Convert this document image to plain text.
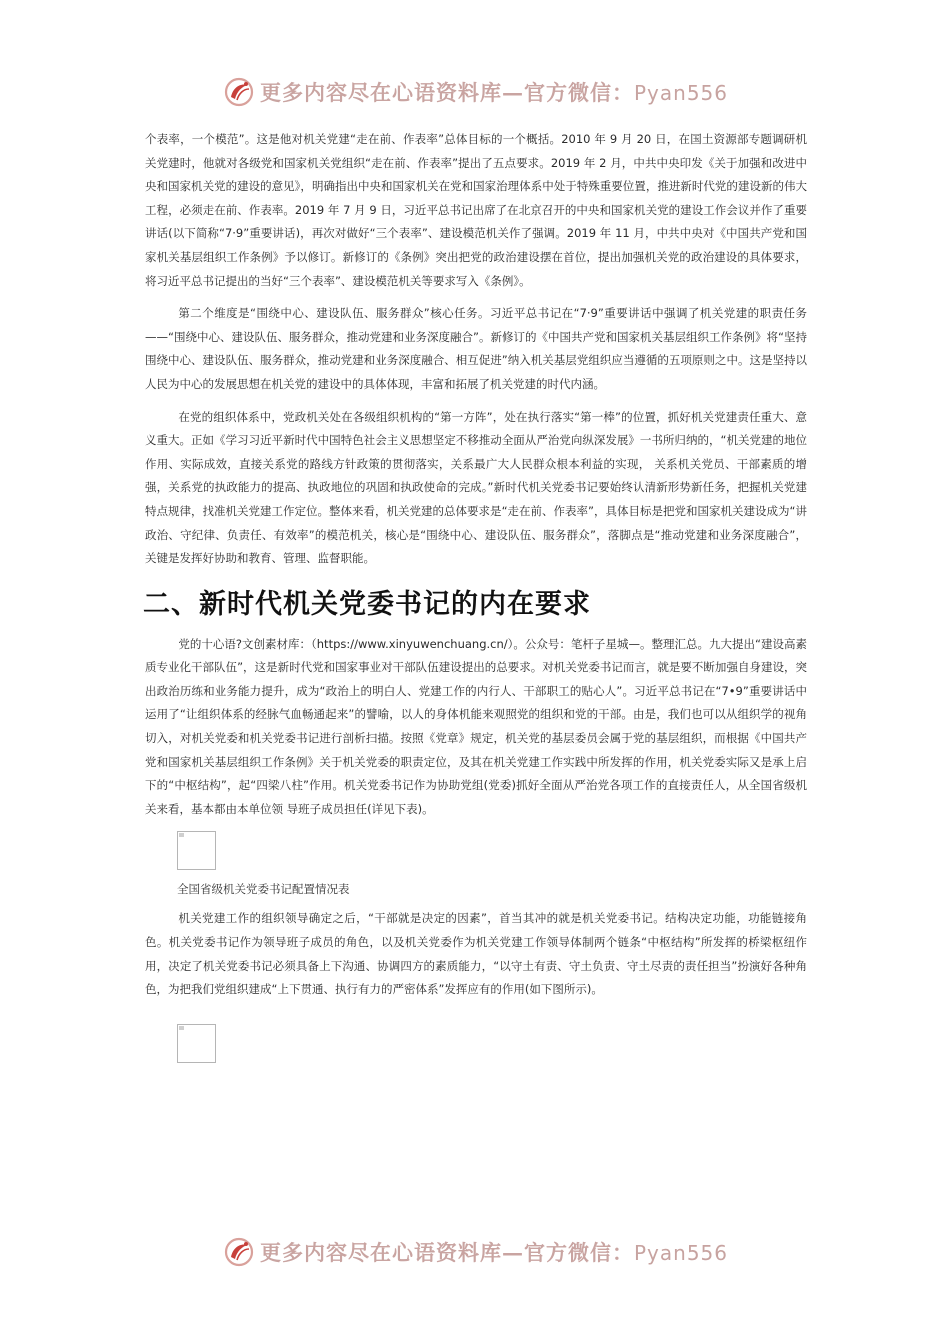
更多内容尽在心语资料库—官方微信：Pyan556

个表率，一个模范”。这是他对机关党建“走在前、作表率”总体目标的一个概括。2010 年 9 月 20 日，在国土资源部专题调研机关党建时，他就对各级党和国家机关党组织“走在前、作表率”提出了五点要求。2019 年 2 月，中共中央印发《关于加强和改进中央和国家机关党的建设的意见》，明确指出中央和国家机关在党和国家治理体系中处于特殊重要位置，推进新时代党的建设新的伟大工程，必须走在前、作表率。2019 年 7 月 9 日，习近平总书记出席了在北京召开的中央和国家机关党的建设工作会议并作了重要讲话(以下简称“7·9”重要讲话)，再次对做好“三个表率”、建设模范机关作了强调。2019 年 11 月，中共中央对《中国共产党和国家机关基层组织工作条例》予以修订。新修订的《条例》突出把党的政治建设摆在首位，提出加强机关党的政治建设的具体要求，将习近平总书记提出的当好“三个表率”、建设模范机关等要求写入《条例》。

第二个维度是“围绕中心、建设队伍、服务群众”核心任务。习近平总书记在“7·9”重要讲话中强调了机关党建的职责任务——“围绕中心、建设队伍、服务群众，推动党建和业务深度融合”。新修订的《中国共产党和国家机关基层组织工作条例》将“坚持围绕中心、建设队伍、服务群众，推动党建和业务深度融合、相互促进”纳入机关基层党组织应当遵循的五项原则之中。这是坚持以人民为中心的发展思想在机关党的建设中的具体体现，丰富和拓展了机关党建的时代内涵。

在党的组织体系中，党政机关处在各级组织机构的“第一方阵”，处在执行落实“第一棒”的位置，抓好机关党建责任重大、意义重大。正如《学习习近平新时代中国特色社会主义思想坚定不移推动全面从严治党向纵深发展》一书所归纳的，“机关党建的地位作用、实际成效，直接关系党的路线方针政策的贯彻落实，关系最广大人民群众根本利益的实现， 关系机关党员、干部素质的增强，关系党的执政能力的提高、执政地位的巩固和执政使命的完成。”新时代机关党委书记要始终认清新形势新任务，把握机关党建特点规律，找准机关党建工作定位。整体来看，机关党建的总体要求是“走在前、作表率”，具体目标是把党和国家机关建设成为“讲政治、守纪律、负责任、有效率”的模范机关，核心是“围绕中心、建设队伍、服务群众”，落脚点是“推动党建和业务深度融合”，关键是发挥好协助和教育、管理、监督职能。

二、新时代机关党委书记的内在要求

党的十心语?文创素材库：（https://www.xinyuwenchuang.cn/）。公众号：笔杆子星城—。整理汇总。九大提出“建设高素质专业化干部队伍”，这是新时代党和国家事业对干部队伍建设提出的总要求。对机关党委书记而言，就是要不断加强自身建设，突出政治历练和业务能力提升，成为“政治上的明白人、党建工作的内行人、干部职工的贴心人”。习近平总书记在“7•9”重要讲话中运用了“让组织体系的经脉气血畅通起来”的譬喻，以人的身体机能来观照党的组织和党的干部。由是，我们也可以从组织学的视角切入，对机关党委和机关党委书记进行剖析扫描。按照《党章》规定，机关党的基层委员会属于党的基层组织，而根据《中国共产党和国家机关基层组织工作条例》关于机关党委的职责定位，及其在机关党建工作实践中所发挥的作用，机关党委实际又是承上启下的“中枢结构”，起“四梁八柱”作用。机关党委书记作为协助党组(党委)抓好全面从严治党各项工作的直接责任人，从全国省级机关来看，基本都由本单位领 导班子成员担任(详见下表)。

全国省级机关党委书记配置情况表

机关党建工作的组织领导确定之后，“干部就是决定的因素”，首当其冲的就是机关党委书记。结构决定功能，功能链接角色。机关党委书记作为领导班子成员的角色，以及机关党委作为机关党建工作领导体制两个链条“中枢结构”所发挥的桥梁枢纽作用，决定了机关党委书记必须具备上下沟通、协调四方的素质能力，“以守土有责、守土负责、守土尽责的责任担当”扮演好各种角色，为把我们党组织建成“上下贯通、执行有力的严密体系”发挥应有的作用(如下图所示)。

更多内容尽在心语资料库—官方微信：Pyan556
